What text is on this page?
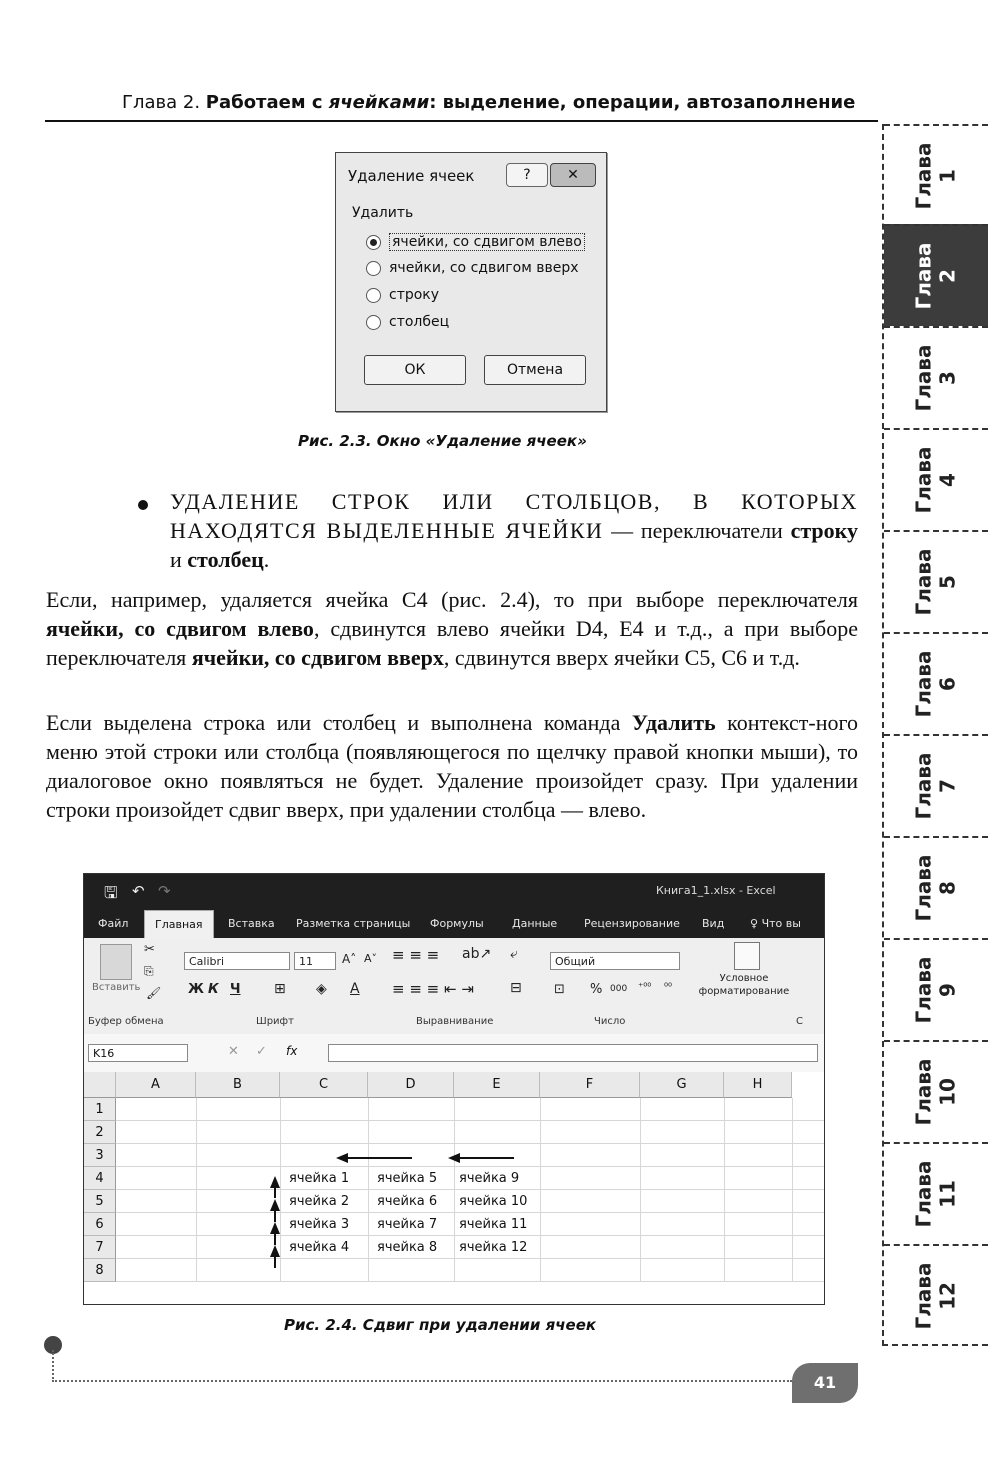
Глава 2. Работаем с ячейками: выделение, операции, автозаполнение
Глава 1
Глава 2
Глава 3
Глава 4
Глава 5
Глава 6
Глава 7
Глава 8
Глава 9
Глава 10
Глава 11
Глава 12
Удаление ячеек	?	✕
Удалить
ячейки, со сдвигом влево
ячейки, со сдвигом вверх
строку
столбец
ОК	Отмена
Рис. 2.3. Окно «Удаление ячеек»
УДАЛЕНИЕ СТРОК ИЛИ СТОЛБЦОВ, В КОТОРЫХ НАХОДЯТСЯ ВЫДЕЛЕННЫЕ ЯЧЕЙКИ — переключатели строку и столбец.
Если, например, удаляется ячейка C4 (рис. 2.4), то при выборе переключателя ячейки, со сдвигом влево, сдвинутся влево ячейки D4, E4 и т.д., а при выборе переключателя ячейки, со сдвигом вверх, сдвинутся вверх ячейки C5, C6 и т.д.
Если выделена строка или столбец и выполнена команда Удалить контекст-ного меню этой строки или столбца (появляющегося по щелчку правой кнопки мыши), то диалоговое окно появляться не будет. Удаление произойдет сразу. При удалении строки произойдет сдвиг вверх, при удалении столбца — влево.
🖫 ↶ ↷	Книга1_1.xlsx - Excel
Файл	Главная	Вставка Разметка страницы Формулы	Данные Рецензирование Вид ♀ Что вы
Вставить
✂
⎘
🖌
Calibri	11	A˄ A˅
Ж К Ч ⊞ ◈ A
≡ ≡ ≡ ab↗ ⤶
≡ ≡ ≡ ⇤ ⇥	⊟
Общий
⊡ % 000 ⁺⁰⁰ ⁰⁰
Условное форматирование
Буфер обмена	Шрифт	Выравнивание	Число	С
K16	✕ ✓ fx
A	B	C	D	E	F	G	H
1
2
3
4
5
6
7
8
ячейка 1
ячейка 2
ячейка 3
ячейка 4
ячейка 5
ячейка 6
ячейка 7
ячейка 8
ячейка 9
ячейка 10
ячейка 11
ячейка 12
Рис. 2.4. Сдвиг при удалении ячеек
41
